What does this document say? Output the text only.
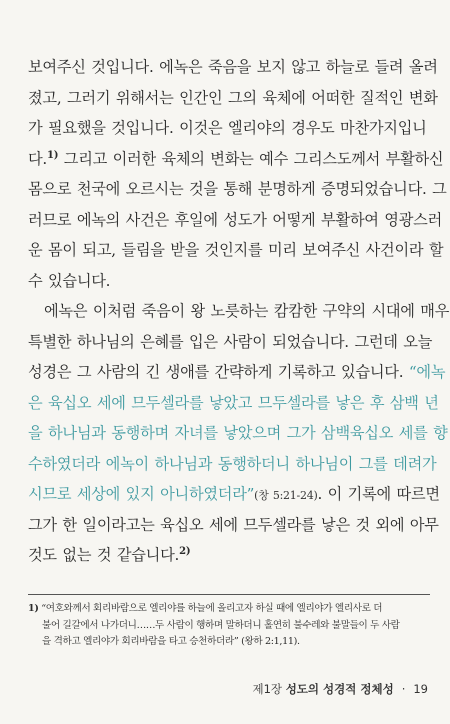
보여주신 것입니다. 에녹은 죽음을 보지 않고 하늘로 들려 올려
졌고, 그러기 위해서는 인간인 그의 육체에 어떠한 질적인 변화
가 필요했을 것입니다. 이것은 엘리야의 경우도 마찬가지입니
다.$^{1)}$ 그리고 이러한 육체의 변화는 예수 그리스도께서 부활하신
몸으로 천국에 오르시는 것을 통해 분명하게 증명되었습니다. 그
러므로 에녹의 사건은 후일에 성도가 어떻게 부활하여 영광스러
운 몸이 되고, 들림을 받을 것인지를 미리 보여주신 사건이라 할
수 있습니다.
에녹은 이처럼 죽음이 왕 노릇하는 캄캄한 구약의 시대에 매우
특별한 하나님의 은혜를 입은 사람이 되었습니다. 그런데 오늘
성경은 그 사람의 긴 생애를 간략하게 기록하고 있습니다. “에녹
은 육십오 세에 므두셀라를 낳았고 므두셀라를 낳은 후 삼백 년
을 하나님과 동행하며 자녀를 낳았으며 그가 삼백육십오 세를 향
수하였더라 에녹이 하나님과 동행하더니 하나님이 그를 데려가
시므로 세상에 있지 아니하였더라”(창 5:21-24). 이 기록에 따르면
그가 한 일이라고는 육십오 세에 므두셀라를 낳은 것 외에 아무
것도 없는 것 같습니다.$^{2)}$
1) “여호와께서 회리바람으로 엘리야를 하늘에 올리고자 하실 때에 엘리야가 엘리사로 더
불어 길갈에서 나가더니……두 사람이 행하며 말하더니 홀연히 불수레와 불말들이 두 사람
을 격하고 엘리야가 회리바람을 타고 승천하더라” (왕하 2:1,11).
제1장 성도의 성경적 정체성 · 19
